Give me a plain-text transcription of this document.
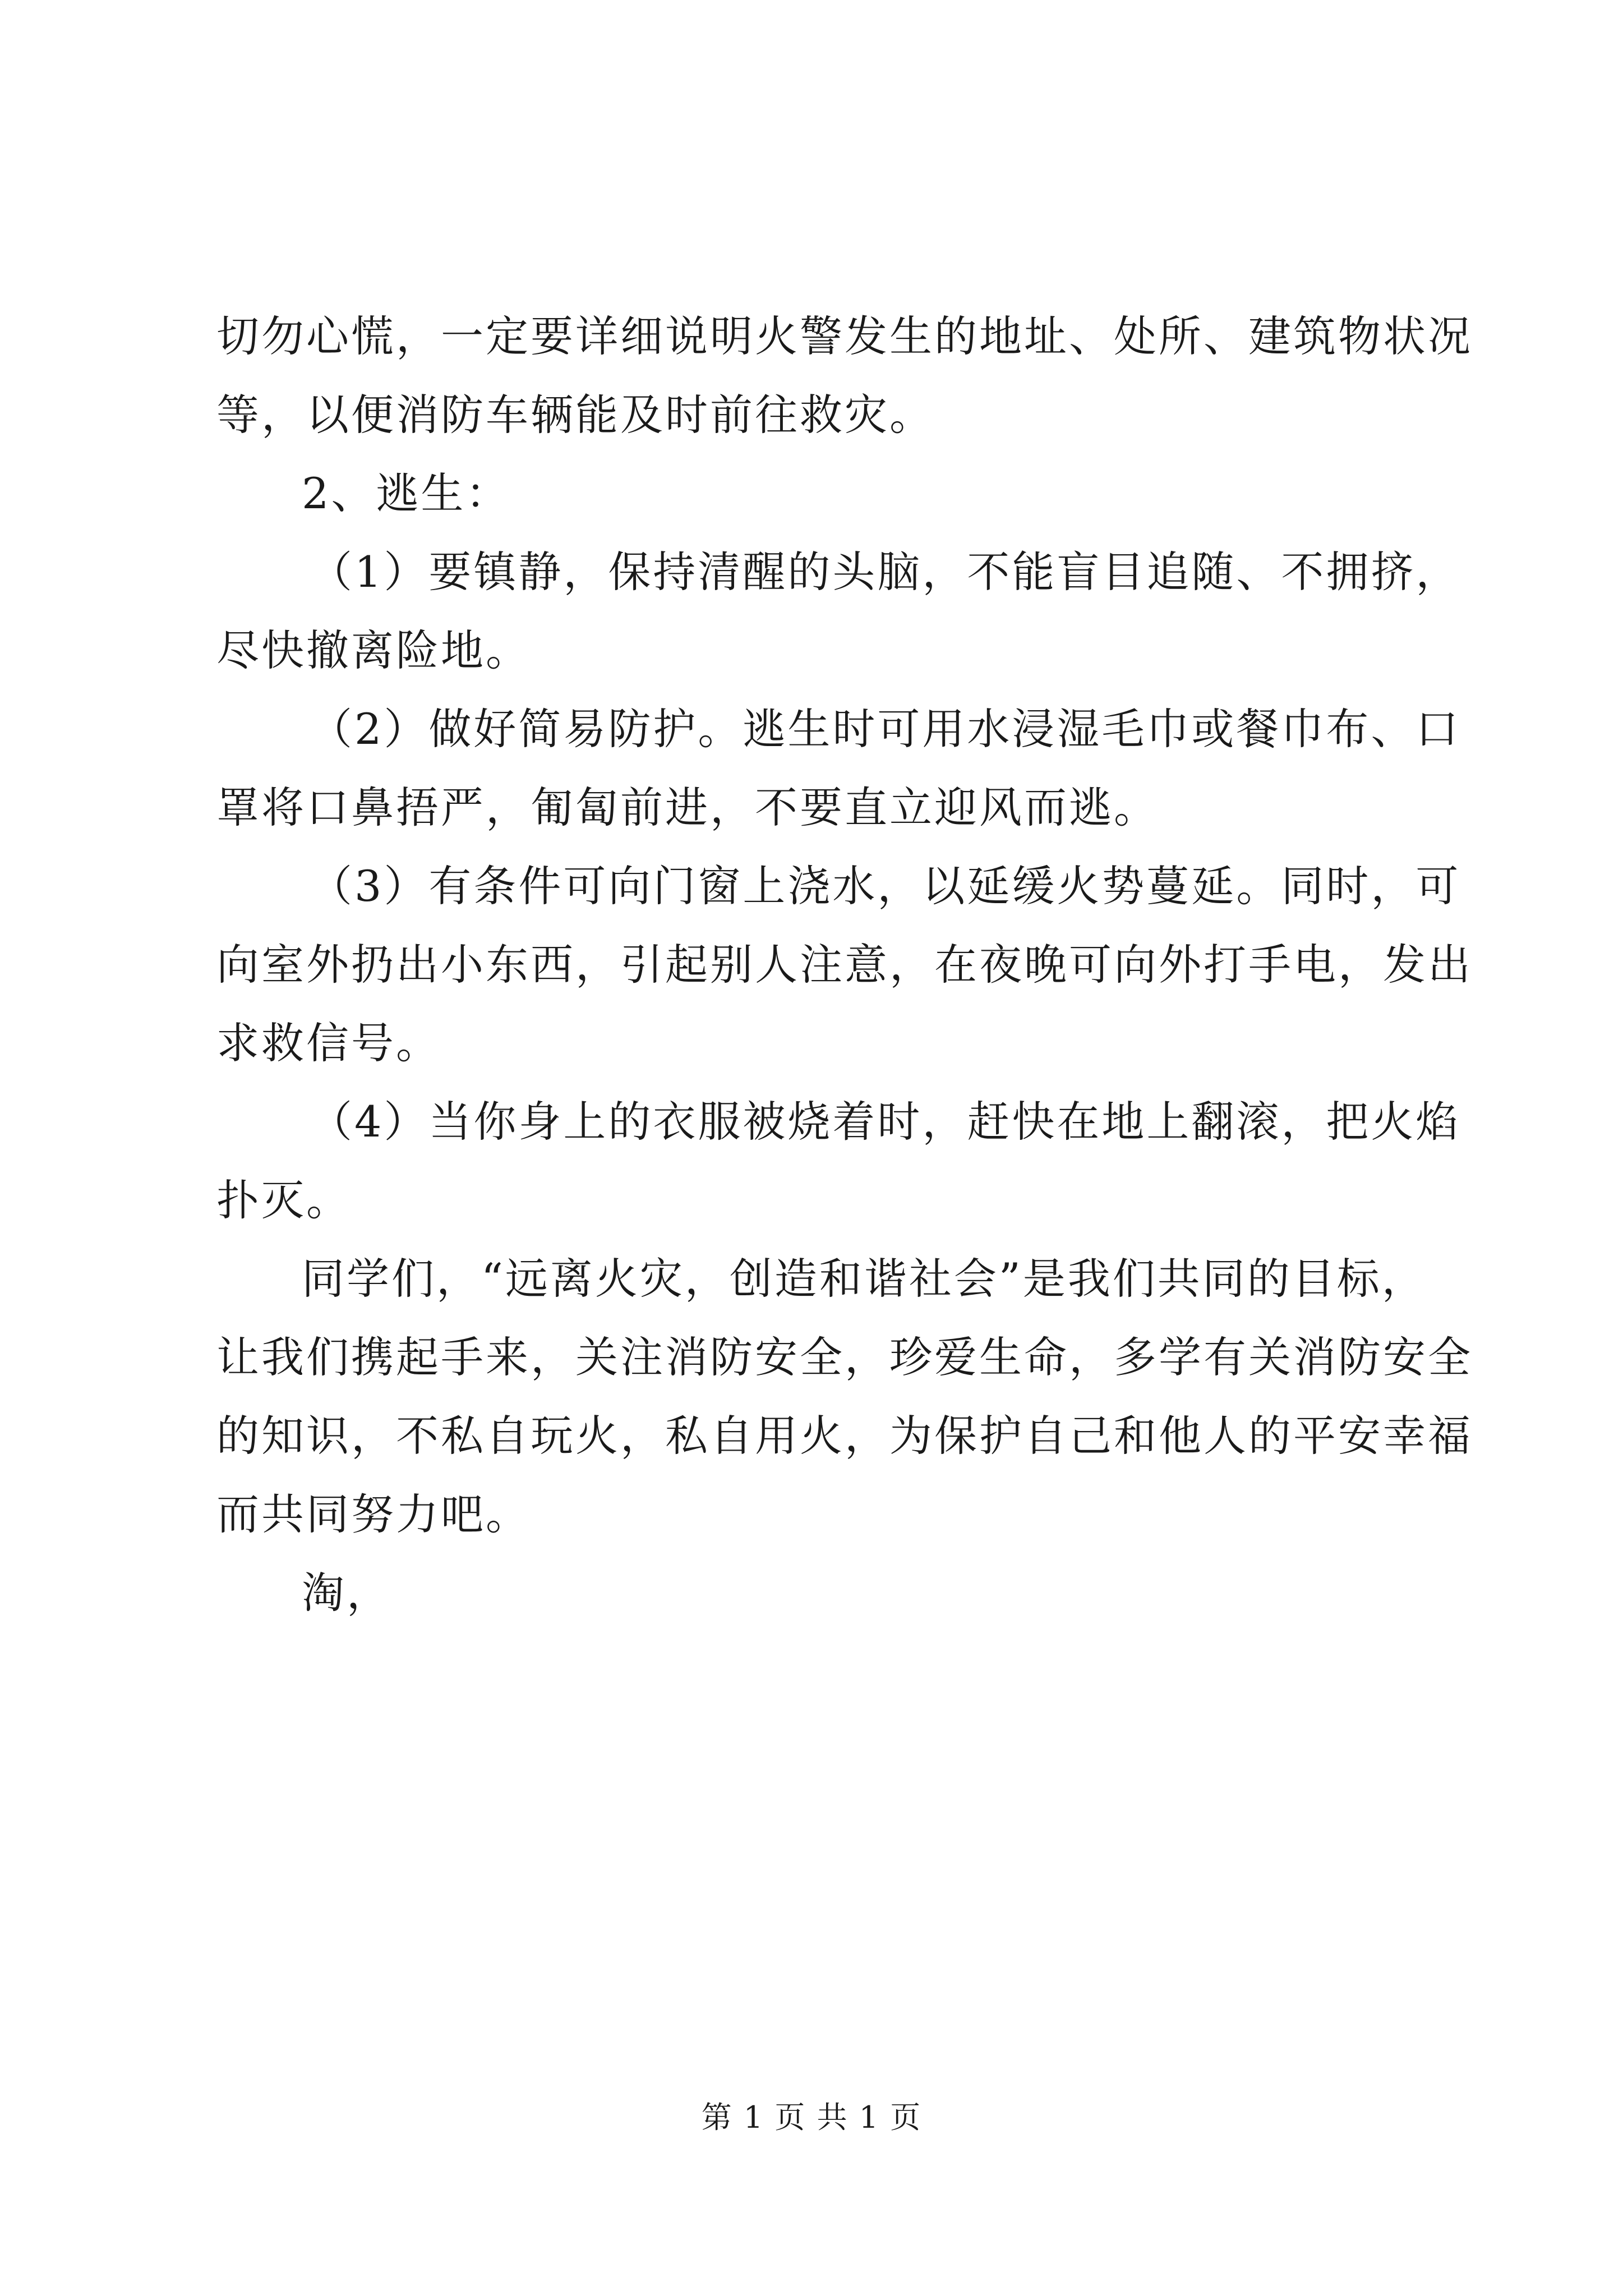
切勿心慌，一定要详细说明火警发生的地址、处所、建筑物状况
等，以便消防车辆能及时前往救灾。
2、逃生：
（1）要镇静，保持清醒的头脑，不能盲目追随、不拥挤，
尽快撤离险地。
（2）做好简易防护。逃生时可用水浸湿毛巾或餐巾布、口
罩将口鼻捂严，匍匐前进，不要直立迎风而逃。
（3）有条件可向门窗上浇水，以延缓火势蔓延。同时，可
向室外扔出小东西，引起别人注意，在夜晚可向外打手电，发出
求救信号。
（4）当你身上的衣服被烧着时，赶快在地上翻滚，把火焰
扑灭。
同学们，“远离火灾，创造和谐社会”是我们共同的目标，
让我们携起手来，关注消防安全，珍爱生命，多学有关消防安全
的知识，不私自玩火，私自用火，为保护自己和他人的平安幸福
而共同努力吧。
淘，
第 1 页 共 1 页
